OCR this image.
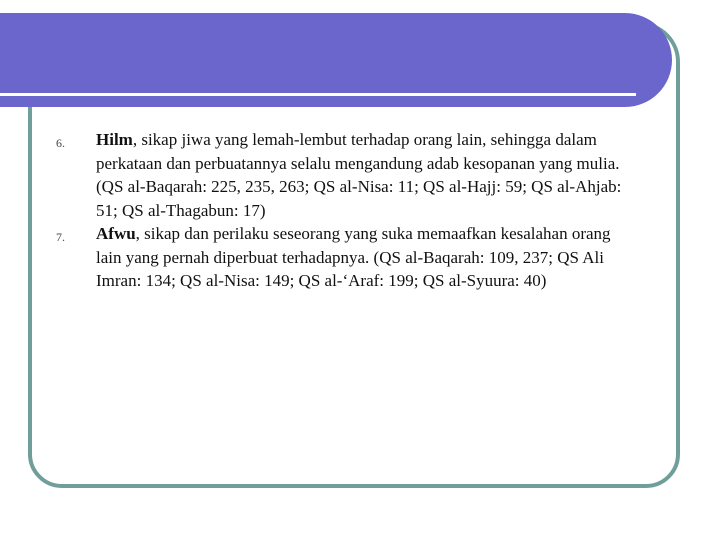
6.	Hilm, sikap jiwa yang lemah-lembut terhadap orang lain, sehingga dalam perkataan dan perbuatannya selalu mengandung adab kesopanan yang mulia. (QS al-Baqarah: 225, 235, 263; QS al-Nisa: 11; QS al-Hajj: 59; QS al-Ahjab: 51; QS al-Thagabun: 17)
7.	Afwu, sikap dan perilaku seseorang yang suka memaafkan kesalahan orang lain yang pernah diperbuat terhadapnya. (QS al-Baqarah: 109, 237; QS Ali Imran: 134; QS al-Nisa: 149; QS al-‘Araf: 199; QS al-Syuura: 40)
